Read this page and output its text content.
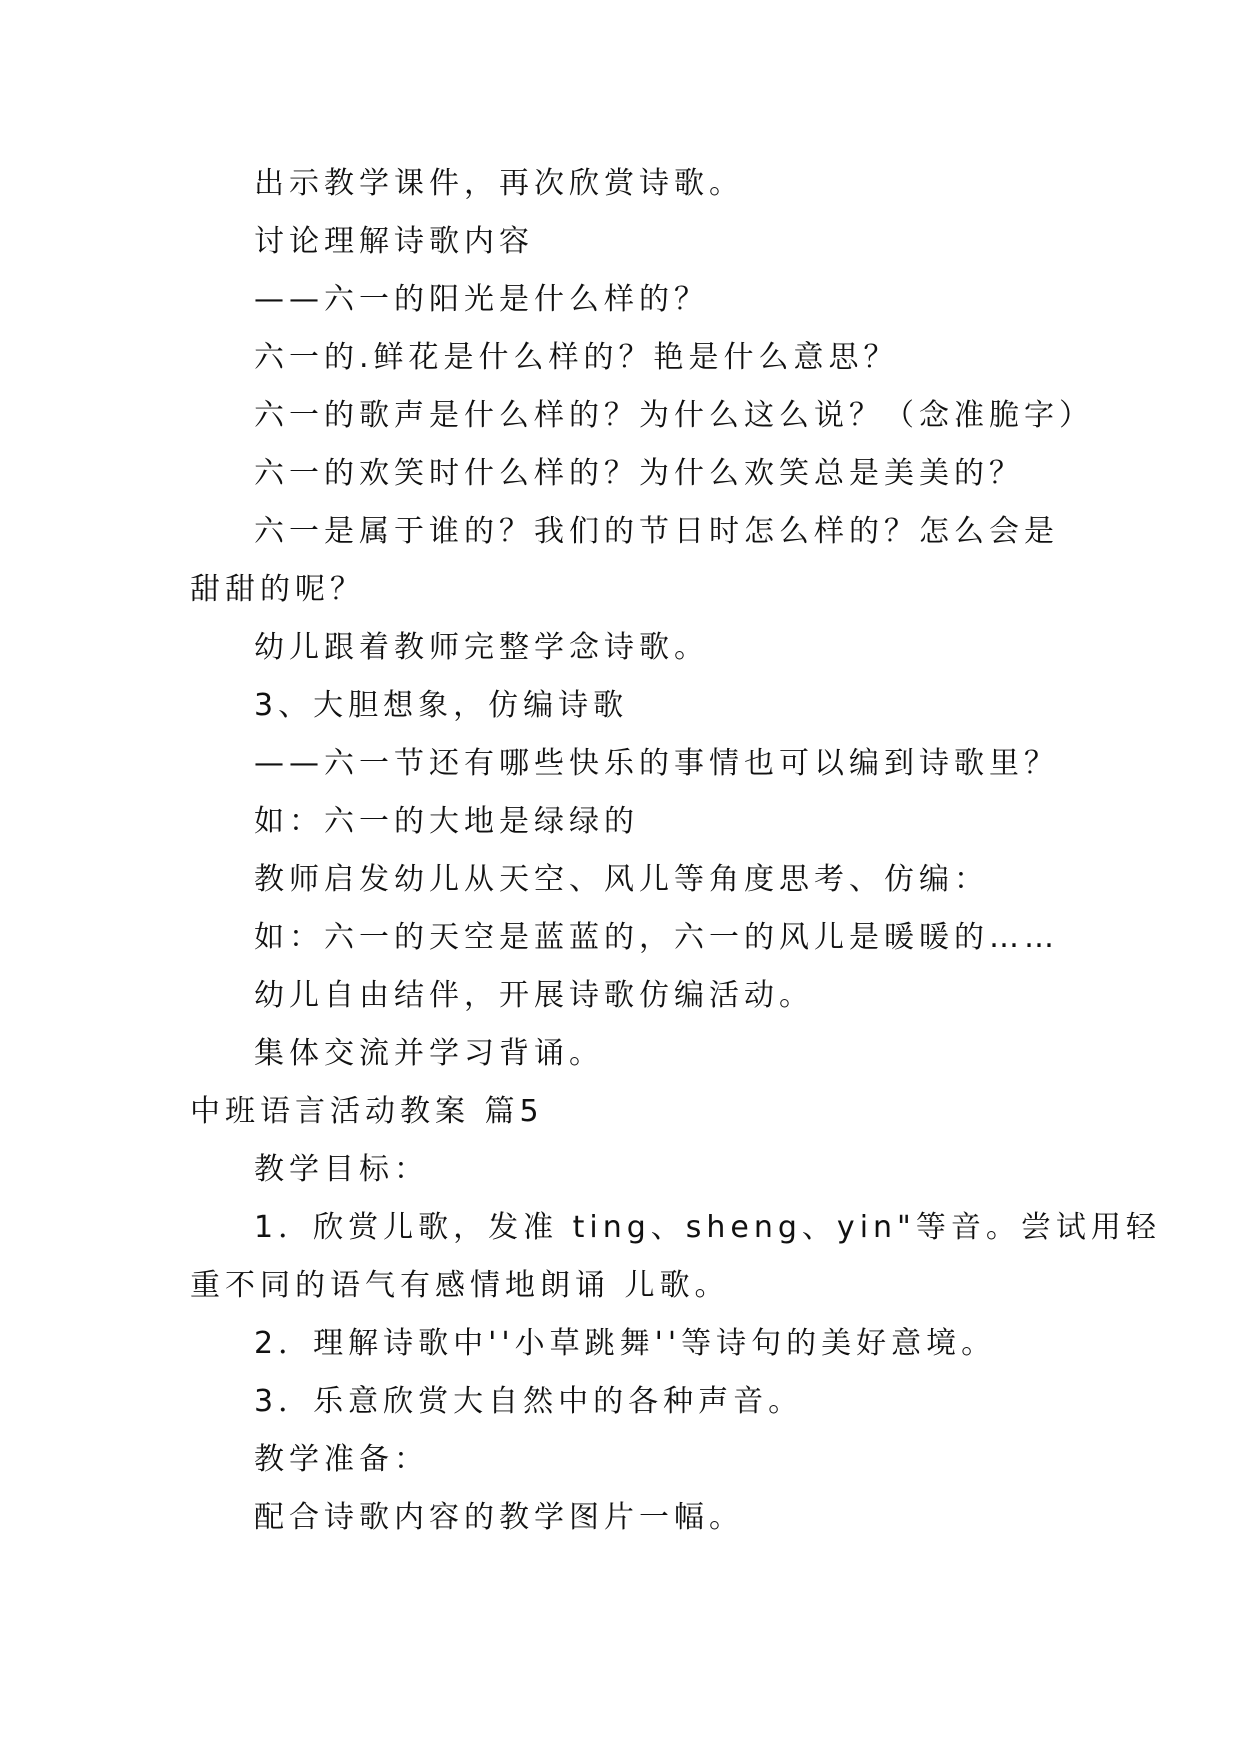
出示教学课件，再次欣赏诗歌。
讨论理解诗歌内容
——六一的阳光是什么样的？
六一的.鲜花是什么样的？艳是什么意思？
六一的歌声是什么样的？为什么这么说？（念准脆字）
六一的欢笑时什么样的？为什么欢笑总是美美的？
六一是属于谁的？我们的节日时怎么样的？怎么会是
甜甜的呢？
幼儿跟着教师完整学念诗歌。
3、大胆想象，仿编诗歌
——六一节还有哪些快乐的事情也可以编到诗歌里？
如：六一的大地是绿绿的
教师启发幼儿从天空、风儿等角度思考、仿编：
如：六一的天空是蓝蓝的，六一的风儿是暖暖的……
幼儿自由结伴，开展诗歌仿编活动。
集体交流并学习背诵。
中班语言活动教案 篇5
教学目标：
1．欣赏儿歌，发准 ting、sheng、yin"等音。尝试用轻
重不同的语气有感情地朗诵 儿歌。
2．理解诗歌中''小草跳舞''等诗句的美好意境。
3．乐意欣赏大自然中的各种声音。
教学准备：
配合诗歌内容的教学图片一幅。
